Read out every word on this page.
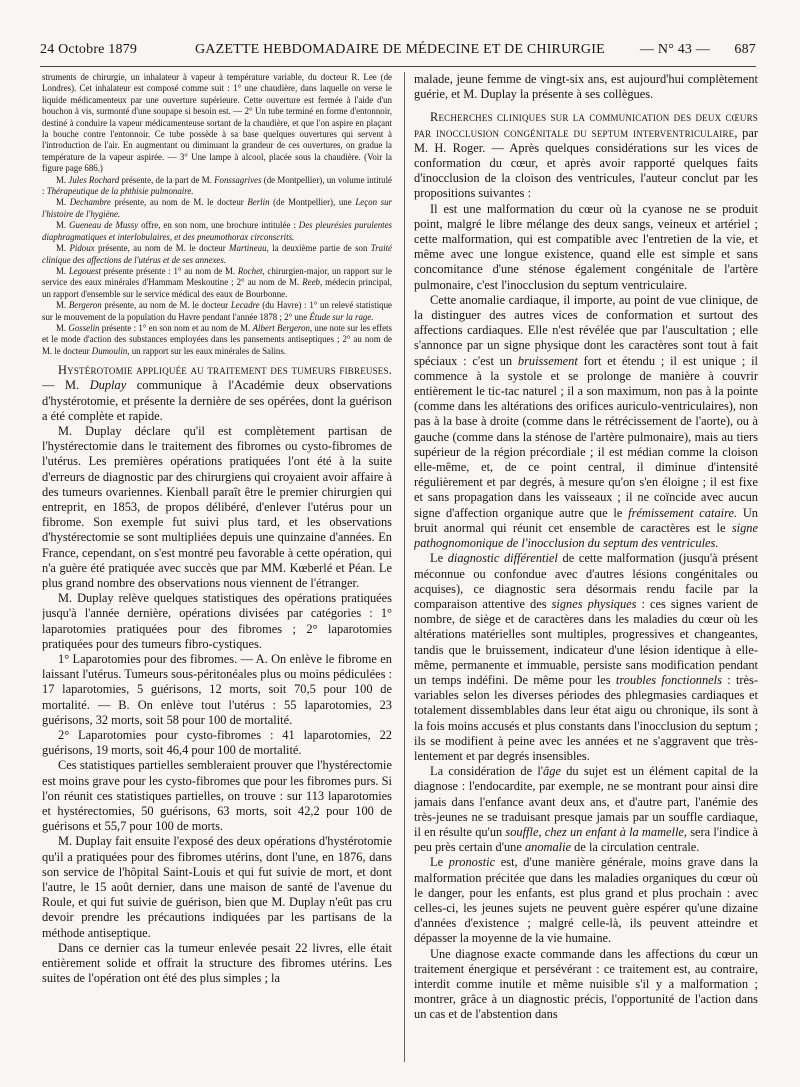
24 Octobre 1879	GAZETTE HEBDOMADAIRE DE MÉDECINE ET DE CHIRURGIE	— N° 43 — 687

struments de chirurgie, un inhalateur à vapeur à température variable, du docteur R. Lee (de Londres). Cet inhalateur est composé comme suit : 1° une chaudière, dans laquelle on verse le liquide médicamenteux par une ouverture supérieure. Cette ouverture est fermée à l'aide d'un bouchon à vis, surmonté d'une soupape si besoin est. — 2° Un tube terminé en forme d'entonnoir, destiné à conduire la vapeur médicamenteuse sortant de la chaudière, et que l'on aspire en plaçant la bouche contre l'entonnoir. Ce tube possède à sa base quelques ouvertures qui servent à l'introduction de l'air. En augmentant ou diminuant la grandeur de ces ouvertures, on gradue la température de la vapeur aspirée. — 3° Une lampe à alcool, placée sous la chaudière. (Voir la figure page 686.)

M. Jules Rochard présente, de la part de M. Fonssagrives (de Montpellier), un volume intitulé : Thérapeutique de la phthisie pulmonaire.

M. Dechambre présente, au nom de M. le docteur Berlin (de Montpellier), une Leçon sur l'histoire de l'hygiène.

M. Gueneau de Mussy offre, en son nom, une brochure intitulée : Des pleurésies purulentes diaphragmatiques et interlobulaires, et des pneumothorax circonscrits.

M. Pidoux présente, au nom de M. le docteur Martineau, la deuxième partie de son Traité clinique des affections de l'utérus et de ses annexes.

M. Legouest présente présente : 1° au nom de M. Rochet, chirurgien-major, un rapport sur le service des eaux minérales d'Hammam Meskoutine ; 2° au nom de M. Reeb, médecin principal, un rapport d'ensemble sur le service médical des eaux de Bourbonne.

M. Bergeron présente, au nom de M. le docteur Lecadre (du Havre) : 1° un relevé statistique sur le mouvement de la population du Havre pendant l'année 1878 ; 2° une Étude sur la rage.

M. Gosselin présente : 1° en son nom et au nom de M. Albert Bergeron, une note sur les effets et le mode d'action des substances employées dans les pansements antiseptiques ; 2° au nom de M. le docteur Dumoulin, un rapport sur les eaux minérales de Salins.

Hystérotomie appliquée au traitement des tumeurs fibreuses. — M. Duplay communique à l'Académie deux observations d'hystérotomie, et présente la dernière de ses opérées, dont la guérison a été complète et rapide.

M. Duplay déclare qu'il est complètement partisan de l'hystérectomie dans le traitement des fibromes ou cysto-fibromes de l'utérus. Les premières opérations pratiquées l'ont été à la suite d'erreurs de diagnostic par des chirurgiens qui croyaient avoir affaire à des tumeurs ovariennes. Kienball paraît être le premier chirurgien qui entreprit, en 1853, de propos délibéré, d'enlever l'utérus pour un fibrome. Son exemple fut suivi plus tard, et les observations d'hystérectomie se sont multipliées depuis une quinzaine d'années. En France, cependant, on s'est montré peu favorable à cette opération, qui n'a guère été pratiquée avec succès que par MM. Kœberlé et Péan. Le plus grand nombre des observations nous viennent de l'étranger.

M. Duplay relève quelques statistiques des opérations pratiquées jusqu'à l'année dernière, opérations divisées par catégories : 1° laparotomies pratiquées pour des fibromes ; 2° laparotomies pratiquées pour des tumeurs fibro-cystiques.

1° Laparotomies pour des fibromes. — A. On enlève le fibrome en laissant l'utérus. Tumeurs sous-péritonéales plus ou moins pédiculées : 17 laparotomies, 5 guérisons, 12 morts, soit 70,5 pour 100 de mortalité. — B. On enlève tout l'utérus : 55 laparotomies, 23 guérisons, 32 morts, soit 58 pour 100 de mortalité.

2° Laparotomies pour cysto-fibromes : 41 laparotomies, 22 guérisons, 19 morts, soit 46,4 pour 100 de mortalité.

Ces statistiques partielles sembleraient prouver que l'hystérectomie est moins grave pour les cysto-fibromes que pour les fibromes purs. Si l'on réunit ces statistiques partielles, on trouve : sur 113 laparotomies et hystérectomies, 50 guérisons, 63 morts, soit 42,2 pour 100 de guérisons et 55,7 pour 100 de morts.

M. Duplay fait ensuite l'exposé des deux opérations d'hystérotomie qu'il a pratiquées pour des fibromes utérins, dont l'une, en 1876, dans son service de l'hôpital Saint-Louis et qui fut suivie de mort, et dont l'autre, le 15 août dernier, dans une maison de santé de l'avenue du Roule, et qui fut suivie de guérison, bien que M. Duplay n'eût pas cru devoir prendre les précautions indiquées par les partisans de la méthode antiseptique.

Dans ce dernier cas la tumeur enlevée pesait 22 livres, elle était entièrement solide et offrait la structure des fibromes utérins. Les suites de l'opération ont été des plus simples ; la

malade, jeune femme de vingt-six ans, est aujourd'hui complètement guérie, et M. Duplay la présente à ses collègues.

Recherches cliniques sur la communication des deux cœurs par inocclusion congénitale du septum interventriculaire, par M. H. Roger. — Après quelques considérations sur les vices de conformation du cœur, et après avoir rapporté quelques faits d'inocclusion de la cloison des ventricules, l'auteur conclut par les propositions suivantes :

Il est une malformation du cœur où la cyanose ne se produit point, malgré le libre mélange des deux sangs, veineux et artériel ; cette malformation, qui est compatible avec l'entretien de la vie, et même avec une longue existence, quand elle est simple et sans concomitance d'une sténose également congénitale de l'artère pulmonaire, c'est l'inocclusion du septum ventriculaire.

Cette anomalie cardiaque, il importe, au point de vue clinique, de la distinguer des autres vices de conformation et surtout des affections cardiaques. Elle n'est révélée que par l'auscultation ; elle s'annonce par un signe physique dont les caractères sont tout à fait spéciaux : c'est un bruissement fort et étendu ; il est unique ; il commence à la systole et se prolonge de manière à couvrir entièrement le tic-tac naturel ; il a son maximum, non pas à la pointe (comme dans les altérations des orifices auriculo-ventriculaires), non pas à la base à droite (comme dans le rétrécissement de l'aorte), ou à gauche (comme dans la sténose de l'artère pulmonaire), mais au tiers supérieur de la région précordiale ; il est médian comme la cloison elle-même, et, de ce point central, il diminue d'intensité régulièrement et par degrés, à mesure qu'on s'en éloigne ; il est fixe et sans propagation dans les vaisseaux ; il ne coïncide avec aucun signe d'affection organique autre que le frémissement cataire. Un bruit anormal qui réunit cet ensemble de caractères est le signe pathognomonique de l'inocclusion du septum des ventricules.

Le diagnostic différentiel de cette malformation (jusqu'à présent méconnue ou confondue avec d'autres lésions congénitales ou acquises), ce diagnostic sera désormais rendu facile par la comparaison attentive des signes physiques : ces signes varient de nombre, de siège et de caractères dans les maladies du cœur où les altérations matérielles sont multiples, progressives et changeantes, tandis que le bruissement, indicateur d'une lésion identique à elle-même, permanente et immuable, persiste sans modification pendant un temps indéfini. De même pour les troubles fonctionnels : très-variables selon les diverses périodes des phlegmasies cardiaques et totalement dissemblables dans leur état aigu ou chronique, ils sont à la fois moins accusés et plus constants dans l'inocclusion du septum ; ils se modifient à peine avec les années et ne s'aggravent que très-lentement et par degrés insensibles.

La considération de l'âge du sujet est un élément capital de la diagnose : l'endocardite, par exemple, ne se montrant pour ainsi dire jamais dans l'enfance avant deux ans, et d'autre part, l'anémie des très-jeunes ne se traduisant presque jamais par un souffle cardiaque, il en résulte qu'un souffle, chez un enfant à la mamelle, sera l'indice à peu près certain d'une anomalie de la circulation centrale.

Le pronostic est, d'une manière générale, moins grave dans la malformation précitée que dans les maladies organiques du cœur où le danger, pour les enfants, est plus grand et plus prochain : avec celles-ci, les jeunes sujets ne peuvent guère espérer qu'une dizaine d'années d'existence ; malgré celle-là, ils peuvent atteindre et dépasser la moyenne de la vie humaine.

Une diagnose exacte commande dans les affections du cœur un traitement énergique et persévérant : ce traitement est, au contraire, interdit comme inutile et même nuisible s'il y a malformation ; montrer, grâce à un diagnostic précis, l'opportunité de l'action dans un cas et de l'abstention dans
